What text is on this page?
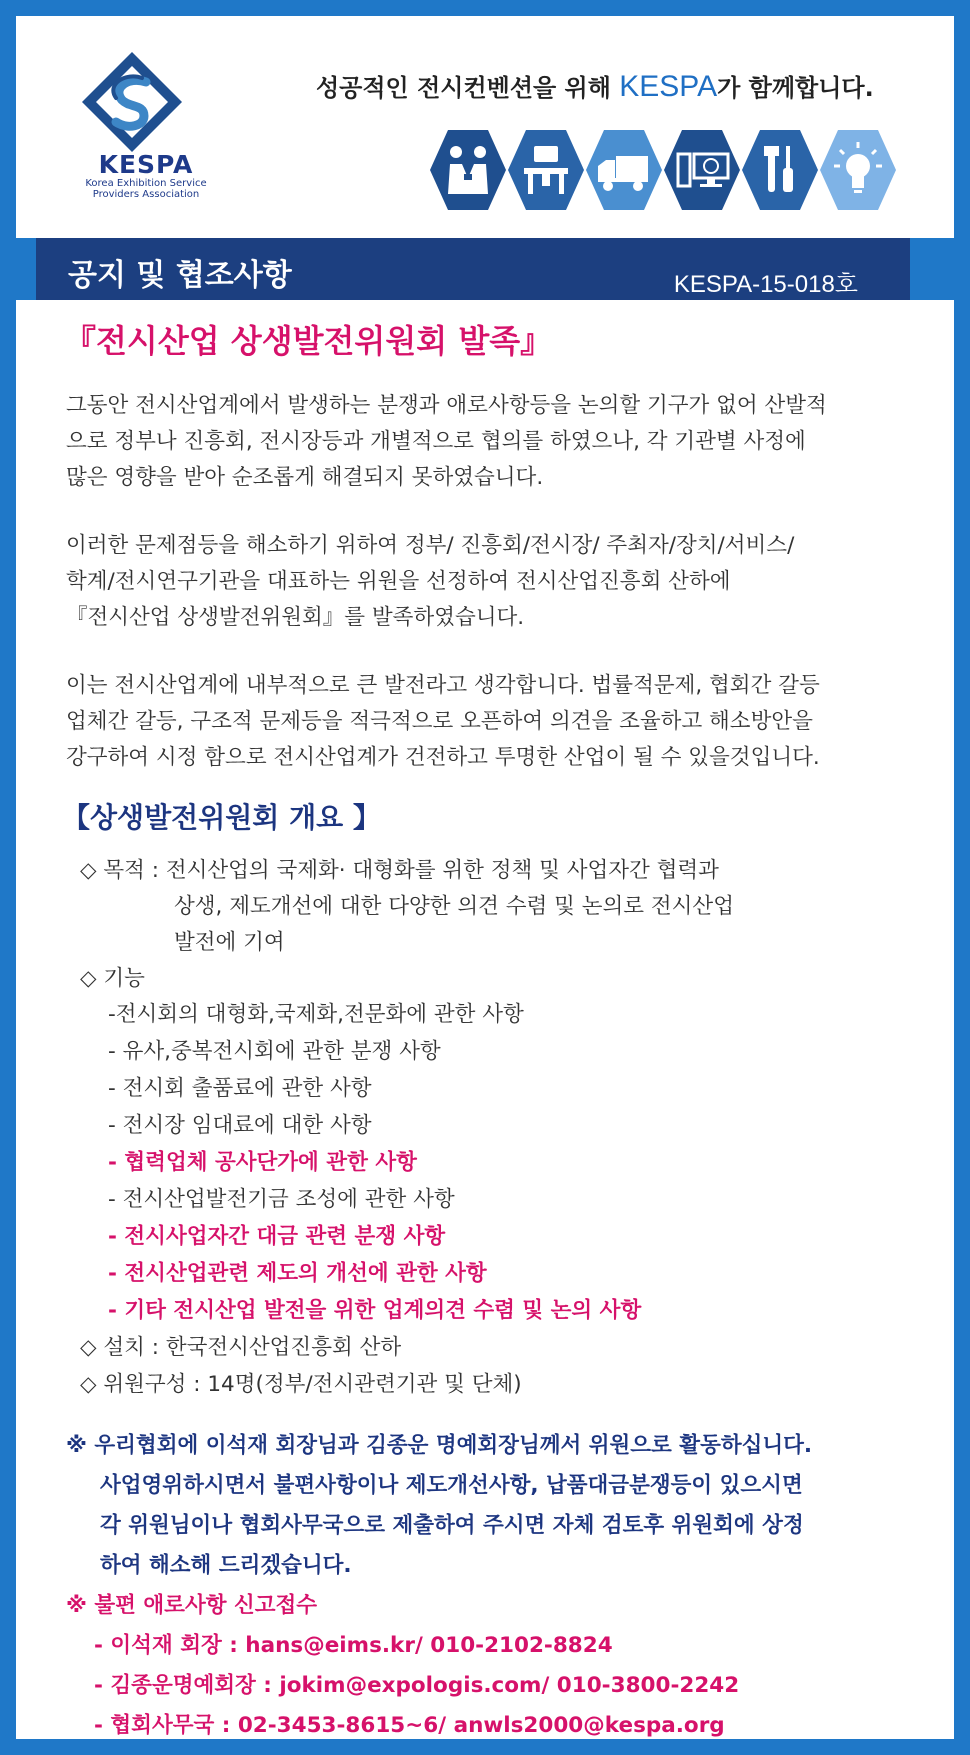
KESPA
Korea Exhibition Service
Providers Association
성공적인 전시컨벤션을 위해 KESPA가 함께합니다.
공지 및 협조사항	KESPA-15-018호
『전시산업 상생발전위원회 발족』
그동안 전시산업계에서 발생하는 분쟁과 애로사항등을 논의할 기구가 없어 산발적
으로 정부나 진흥회, 전시장등과 개별적으로 협의를 하였으나, 각 기관별 사정에
많은 영향을 받아 순조롭게 해결되지 못하였습니다.
이러한 문제점등을 해소하기 위하여 정부/ 진흥회/전시장/ 주최자/장치/서비스/
학계/전시연구기관을 대표하는 위원을 선정하여 전시산업진흥회 산하에
『전시산업 상생발전위원회』를 발족하였습니다.
이는 전시산업계에 내부적으로 큰 발전라고 생각합니다. 법률적문제, 협회간 갈등
업체간 갈등, 구조적 문제등을 적극적으로 오픈하여 의견을 조율하고 해소방안을
강구하여 시정 함으로 전시산업계가 건전하고 투명한 산업이 될 수 있을것입니다.
【상생발전위원회 개요 】
◇ 목적 : 전시산업의 국제화· 대형화를 위한 정책 및 사업자간 협력과
상생, 제도개선에 대한 다양한 의견 수렴 및 논의로 전시산업
발전에 기여
◇ 기능
-전시회의 대형화,국제화,전문화에 관한 사항
- 유사,중복전시회에 관한 분쟁 사항
- 전시회 출품료에 관한 사항
- 전시장 임대료에 대한 사항
- 협력업체 공사단가에 관한 사항
- 전시산업발전기금 조성에 관한 사항
- 전시사업자간 대금 관련 분쟁 사항
- 전시산업관련 제도의 개선에 관한 사항
- 기타 전시산업 발전을 위한 업계의견 수렴 및 논의 사항
◇ 설치 : 한국전시산업진흥회 산하
◇ 위원구성 : 14명(정부/전시관련기관 및 단체)
※ 우리협회에 이석재 회장님과 김종운 명예회장님께서 위원으로 활동하십니다.
사업영위하시면서 불편사항이나 제도개선사항, 납품대금분쟁등이 있으시면
각 위원님이나 협회사무국으로 제출하여 주시면 자체 검토후 위원회에 상정
하여 해소해 드리겠습니다.
※ 불편 애로사항 신고접수
- 이석재 회장 : hans@eims.kr/ 010-2102-8824
- 김종운명예회장 : jokim@expologis.com/ 010-3800-2242
- 협회사무국 : 02-3453-8615~6/ anwls2000@kespa.org
